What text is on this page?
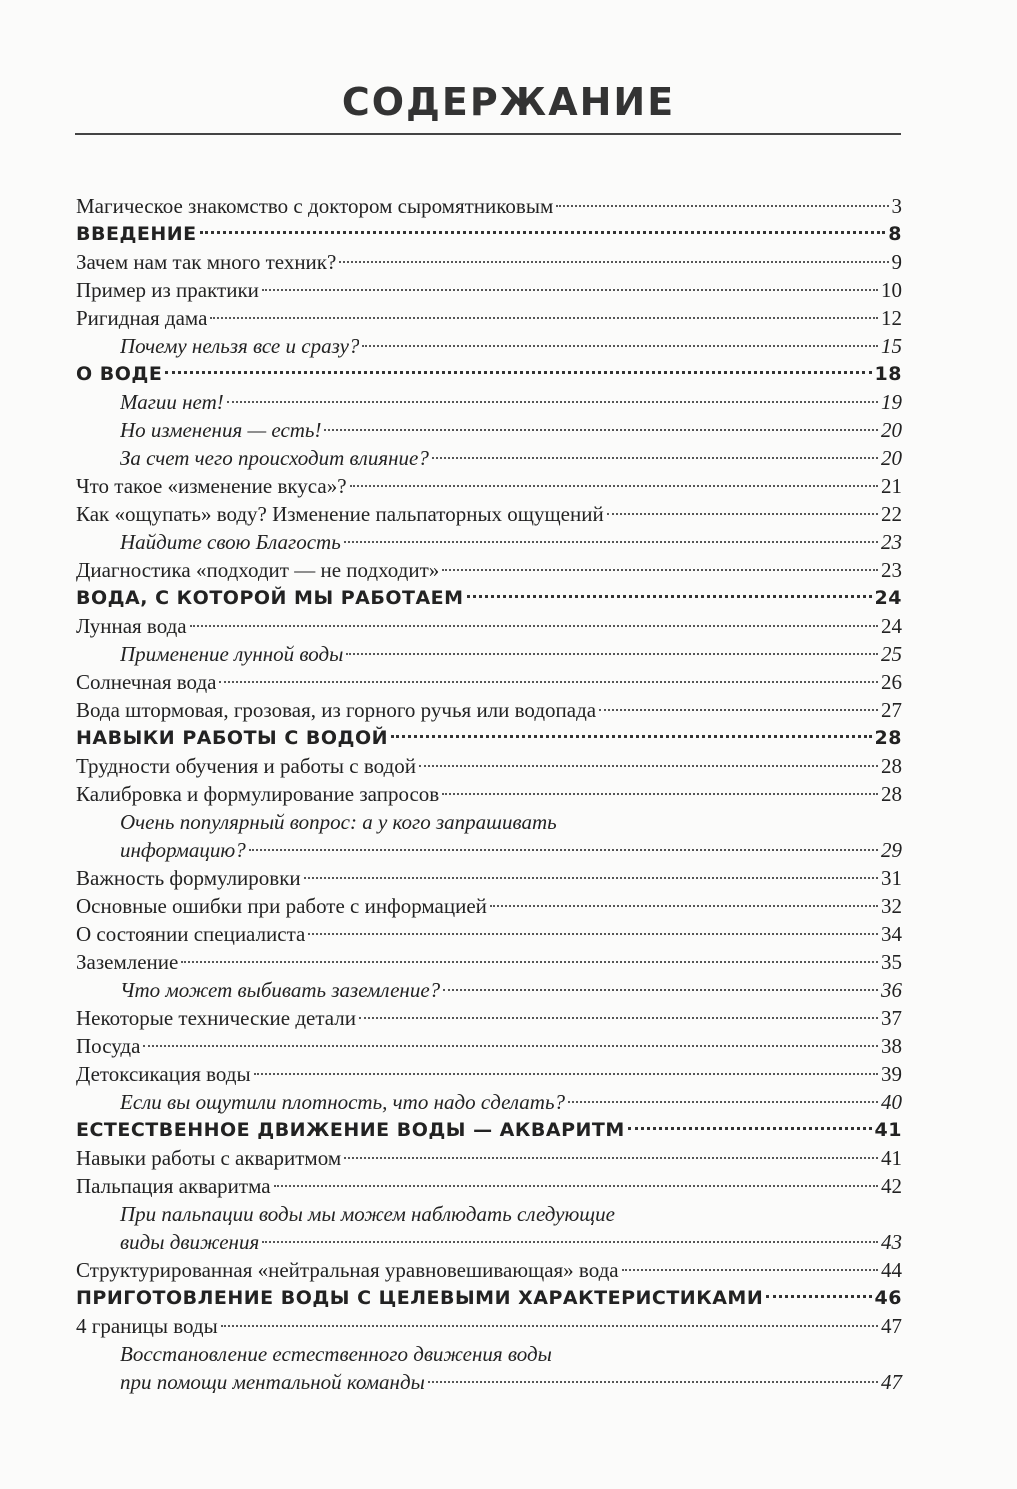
СОДЕРЖАНИЕ
Магическое знакомство с доктором сыромятниковым	3
ВВЕДЕНИЕ	8
Зачем нам так много техник?	9
Пример из практики	10
Ригидная дама	12
Почему нельзя все и сразу?	15
О ВОДЕ	18
Магии нет!	19
Но изменения — есть!	20
За счет чего происходит влияние?	20
Что такое «изменение вкуса»?	21
Как «ощупать» воду? Изменение пальпаторных ощущений	22
Найдите свою Благость	23
Диагностика «подходит — не подходит»	23
ВОДА, С КОТОРОЙ МЫ РАБОТАЕМ	24
Лунная вода	24
Применение лунной воды	25
Солнечная вода	26
Вода штормовая, грозовая, из горного ручья или водопада	27
НАВЫКИ РАБОТЫ С ВОДОЙ	28
Трудности обучения и работы с водой	28
Калибровка и формулирование запросов	28
Очень популярный вопрос: а у кого запрашивать
информацию?	29
Важность формулировки	31
Основные ошибки при работе с информацией	32
О состоянии специалиста	34
Заземление	35
Что может выбивать заземление?	36
Некоторые технические детали	37
Посуда	38
Детоксикация воды	39
Если вы ощутили плотность, что надо сделать?	40
ЕСТЕСТВЕННОЕ ДВИЖЕНИЕ ВОДЫ — АКВАРИТМ	41
Навыки работы с акваритмом	41
Пальпация акваритма	42
При пальпации воды мы можем наблюдать следующие
виды движения	43
Структурированная «нейтральная уравновешивающая» вода	44
ПРИГОТОВЛЕНИЕ ВОДЫ С ЦЕЛЕВЫМИ ХАРАКТЕРИСТИКАМИ	46
4 границы воды	47
Восстановление естественного движения воды
при помощи ментальной команды	47
